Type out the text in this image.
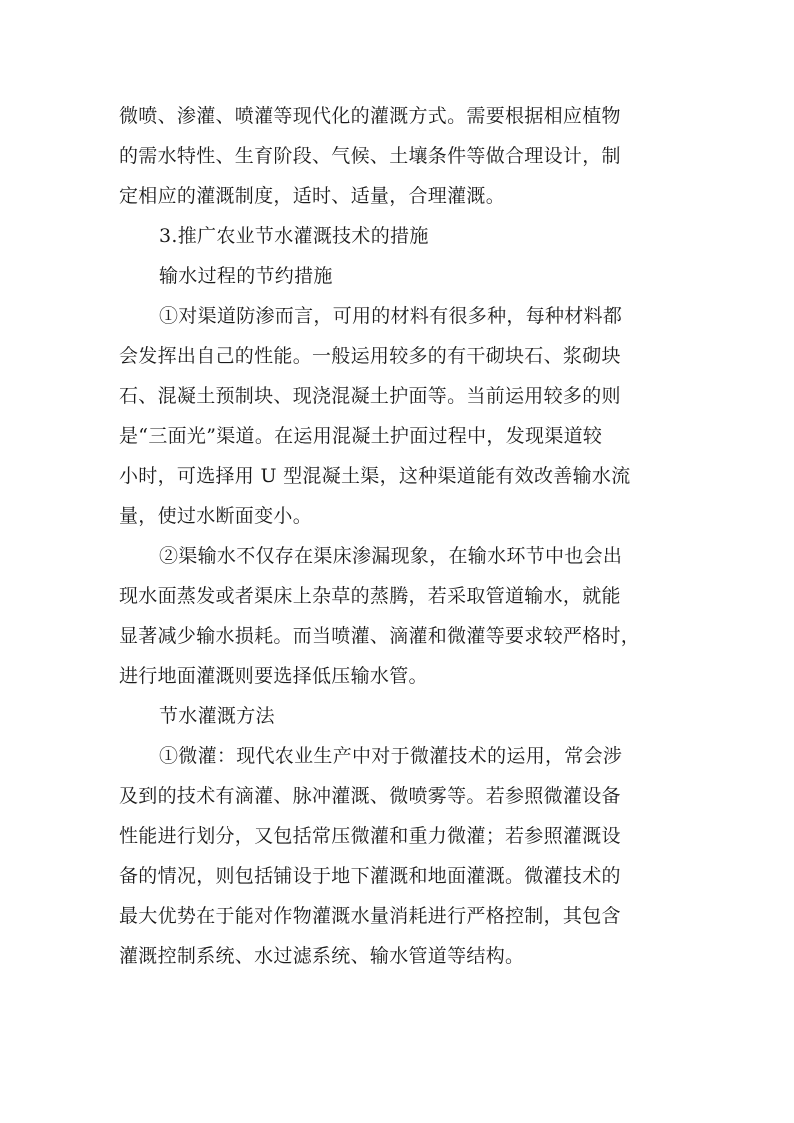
微喷、渗灌、喷灌等现代化的灌溉方式。需要根据相应植物
的需水特性、生育阶段、气候、土壤条件等做合理设计，制
定相应的灌溉制度，适时、适量，合理灌溉。
3.推广农业节水灌溉技术的措施
输水过程的节约措施
①对渠道防渗而言，可用的材料有很多种，每种材料都
会发挥出自己的性能。一般运用较多的有干砌块石、浆砌块
石、混凝土预制块、现浇混凝土护面等。当前运用较多的则
是“三面光”渠道。在运用混凝土护面过程中，发现渠道较
小时，可选择用 U 型混凝土渠，这种渠道能有效改善输水流
量，使过水断面变小。
②渠输水不仅存在渠床渗漏现象，在输水环节中也会出
现水面蒸发或者渠床上杂草的蒸腾，若采取管道输水，就能
显著减少输水损耗。而当喷灌、滴灌和微灌等要求较严格时，
进行地面灌溉则要选择低压输水管。
节水灌溉方法
①微灌：现代农业生产中对于微灌技术的运用，常会涉
及到的技术有滴灌、脉冲灌溉、微喷雾等。若参照微灌设备
性能进行划分，又包括常压微灌和重力微灌；若参照灌溉设
备的情况，则包括铺设于地下灌溉和地面灌溉。微灌技术的
最大优势在于能对作物灌溉水量消耗进行严格控制，其包含
灌溉控制系统、水过滤系统、输水管道等结构。
